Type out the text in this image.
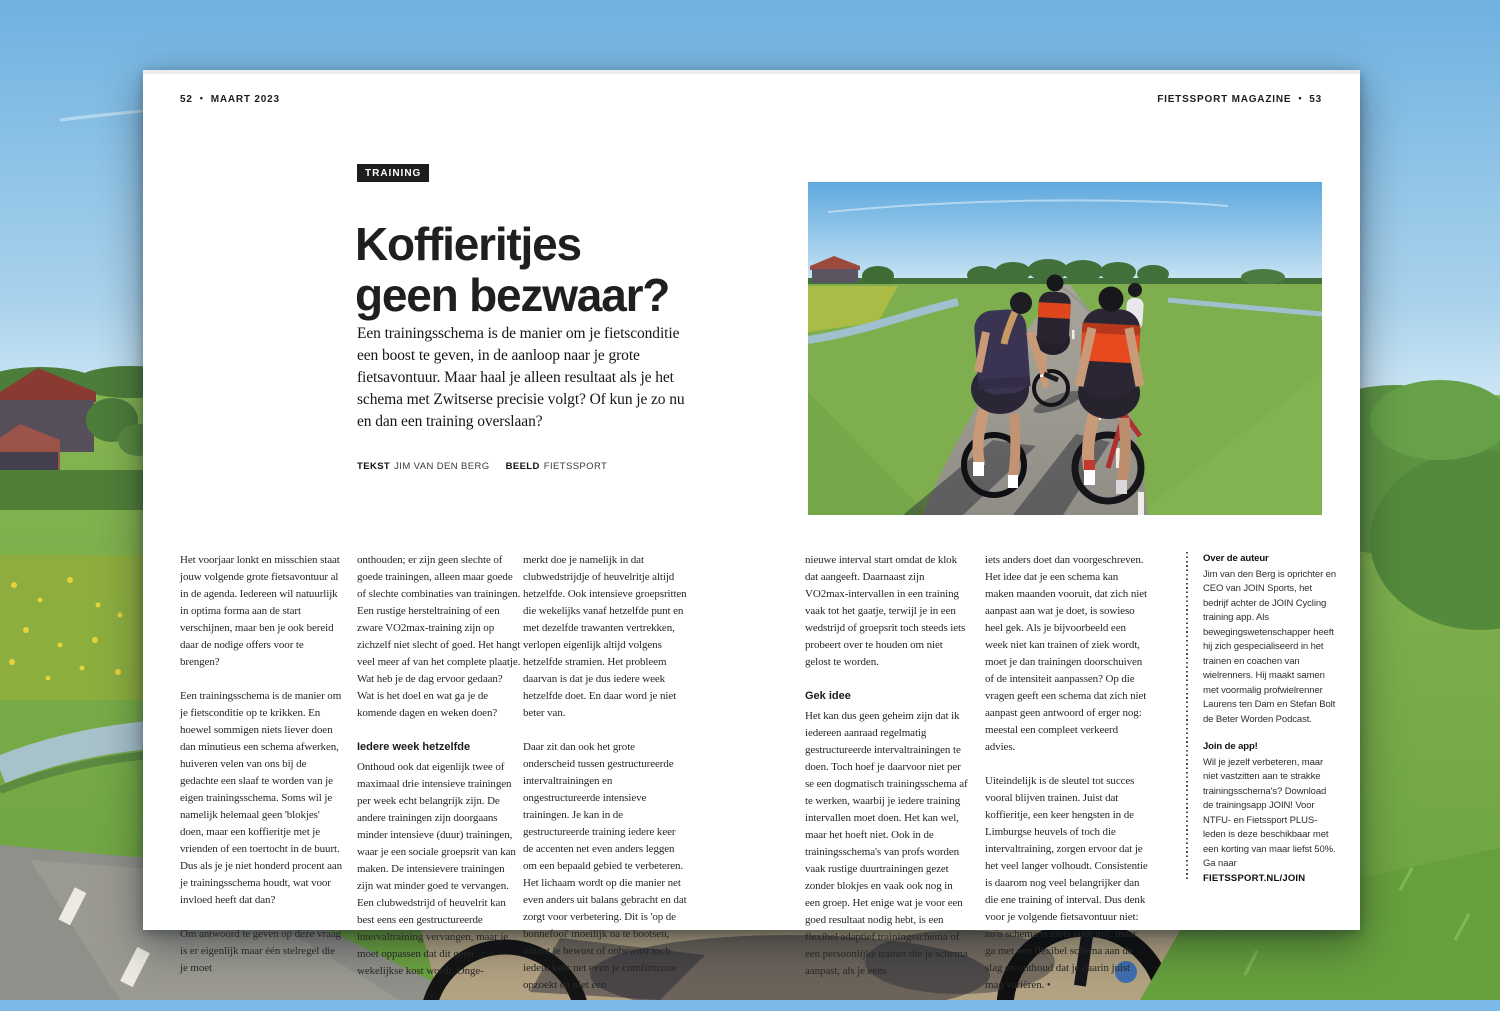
52 • MAART 2023	FIETSSPORT MAGAZINE • 53
TRAINING
Koffieritjes
geen bezwaar?
Een trainingsschema is de manier om je fietsconditie een boost te geven, in de aanloop naar je grote fietsavontuur. Maar haal je alleen resultaat als je het schema met Zwitserse precisie volgt? Of kun je zo nu en dan een training overslaan?
TEKST JIM VAN DEN BERG BEELD FIETSSPORT

Het voorjaar lonkt en misschien staat jouw volgende grote fietsavontuur al in de agenda. Iedereen wil natuurlijk in optima forma aan de start verschijnen, maar ben je ook bereid daar de nodige offers voor te brengen?

Een trainingsschema is de manier om je fietsconditie op te krikken. En hoewel sommigen niets liever doen dan minutieus een schema afwerken, huiveren velen van ons bij de gedachte een slaaf te worden van je eigen trainingsschema. Soms wil je namelijk helemaal geen 'blokjes' doen, maar een koffieritje met je vrienden of een toertocht in de buurt. Dus als je je niet honderd procent aan je trainingsschema houdt, wat voor invloed heeft dat dan?

Om antwoord te geven op deze vraag is er eigenlijk maar één stelregel die je moet

onthouden; er zijn geen slechte of goede trainingen, alleen maar goede of slechte combinaties van trainingen. Een rustige hersteltraining of een zware VO2max-training zijn op zichzelf niet slecht of goed. Het hangt veel meer af van het complete plaatje. Wat heb je de dag ervoor gedaan? Wat is het doel en wat ga je de komende dagen en weken doen?

Iedere week hetzelfde

Onthoud ook dat eigenlijk twee of maximaal drie intensieve trainingen per week echt belangrijk zijn. De andere trainingen zijn doorgaans minder intensieve (duur) trainingen, waar je een sociale groepsrit van kan maken. De intensievere trainingen zijn wat minder goed te vervangen. Een clubwedstrijd of heuvelrit kan best eens een gestructureerde intervaltraining vervangen, maar je moet oppassen dat dit geen wekelijkse kost wordt. Onge-

merkt doe je namelijk in dat clubwedstrijdje of heuvelritje altijd hetzelfde. Ook intensieve groepsritten die wekelijks vanaf hetzelfde punt en met dezelfde trawanten vertrekken, verlopen eigenlijk altijd volgens hetzelfde stramien. Het probleem daarvan is dat je dus iedere week hetzelfde doet. En daar word je niet beter van.

Daar zit dan ook het grote onderscheid tussen gestructureerde intervaltrainingen en ongestructureerde intensieve trainingen. Je kan in de gestructureerde training iedere keer de accenten net even anders leggen om een bepaald gebied te verbeteren. Het lichaam wordt op die manier net even anders uit balans gebracht en dat zorgt voor verbetering. Dit is 'op de bonnefooi' moeilijk na te bootsen, omdat je bewust of onbewust toch iedere keer net even je comfortzone opzoekt en niet een

nieuwe interval start omdat de klok dat aangeeft. Daarnaast zijn VO2max-intervallen in een training vaak tot het gaatje, terwijl je in een wedstrijd of groepsrit toch steeds iets probeert over te houden om niet gelost te worden.

Gek idee

Het kan dus geen geheim zijn dat ik iedereen aanraad regelmatig gestructureerde intervaltrainingen te doen. Toch hoef je daarvoor niet per se een dogmatisch trainingsschema af te werken, waarbij je iedere training intervallen moet doen. Het kan wel, maar het hoeft niet. Ook in de trainingsschema's van profs worden vaak rustige duurtrainingen gezet zonder blokjes en vaak ook nog in een groep. Het enige wat je voor een goed resultaat nodig hebt, is een flexibel adaptief trainingsschema of een persoonlijke trainer die je schema aanpast, als je eens

iets anders doet dan voorgeschreven. Het idee dat je een schema kan maken maanden vooruit, dat zich niet aanpast aan wat je doet, is sowieso heel gek. Als je bijvoorbeeld een week niet kan trainen of ziek wordt, moet je dan trainingen doorschuiven of de intensiteit aanpassen? Op die vragen geeft een schema dat zich niet aanpast geen antwoord of erger nog: meestal een compleet verkeerd advies.

Uiteindelijk is de sleutel tot succes vooral blijven trainen. Juist dat koffieritje, een keer hengsten in de Limburgse heuvels of toch die intervaltraining, zorgen ervoor dat je het veel langer volhoudt. Consistentie is daarom nog veel belangrijker dan die ene training of interval. Dus denk voor je volgende fietsavontuur niet: zo'n schema is niets voor mij, maar ga met een flexibel schema aan de slag en onthoud dat je daarin juist mag variëren. •

Over de auteur

Jim van den Berg is oprichter en CEO van JOIN Sports, het bedrijf achter de JOIN Cycling training app. Als bewegingswetenschapper heeft hij zich gespecialiseerd in het trainen en coachen van wielrenners. Hij maakt samen met voormalig profwielrenner Laurens ten Dam en Stefan Bolt de Beter Worden Podcast.

Join de app!

Wil je jezelf verbeteren, maar niet vastzitten aan te strakke trainingsschema's? Download de trainingsapp JOIN! Voor NTFU- en Fietssport PLUS-leden is deze beschikbaar met een korting van maar liefst 50%. Ga naar

FIETSSPORT.NL/JOIN
